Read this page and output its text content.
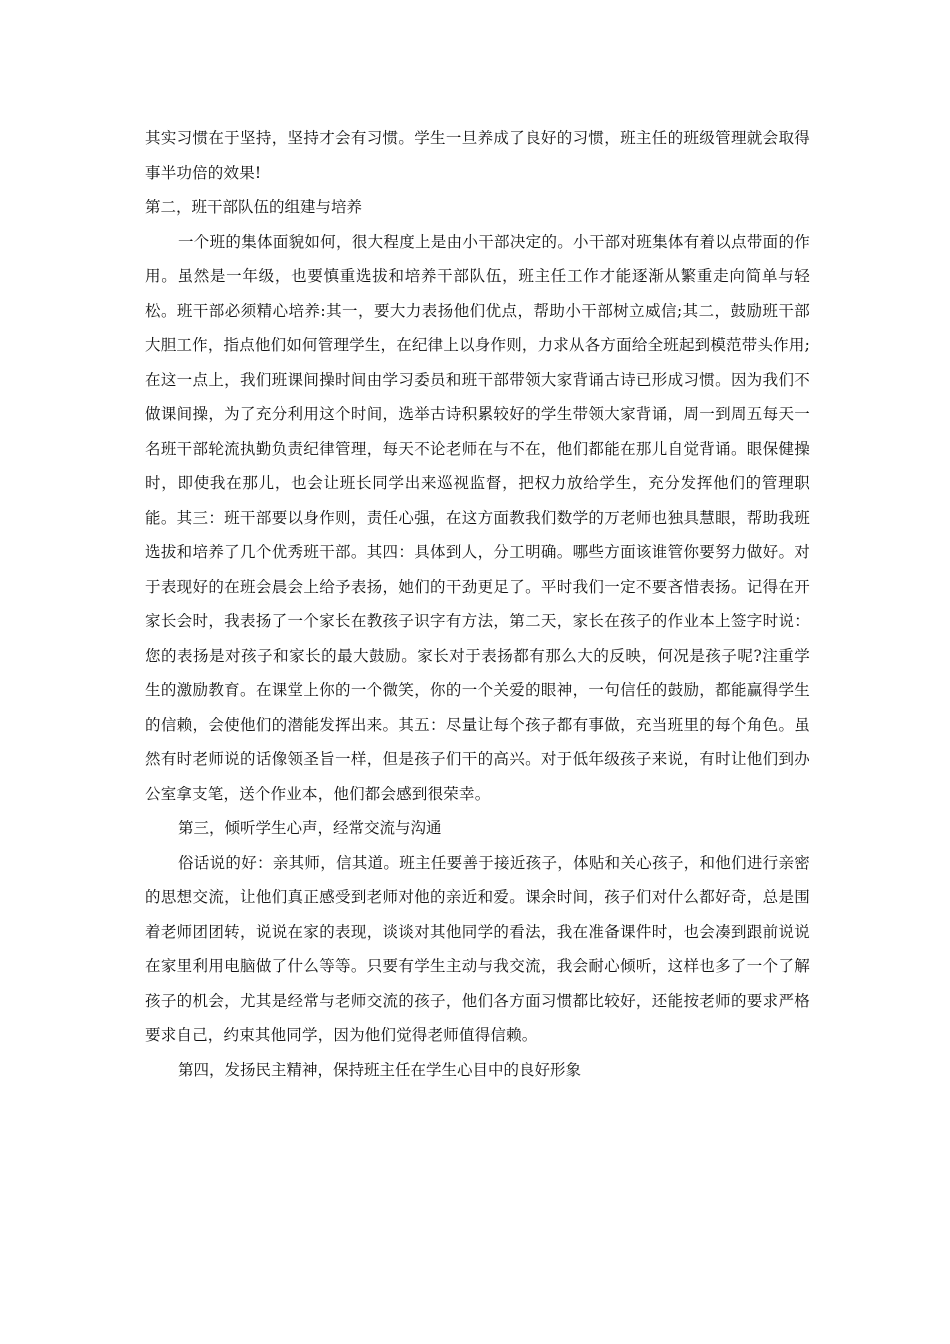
其实习惯在于坚持，坚持才会有习惯。学生一旦养成了良好的习惯，班主任的班级管理就会取得事半功倍的效果!

第二，班干部队伍的组建与培养

一个班的集体面貌如何，很大程度上是由小干部决定的。小干部对班集体有着以点带面的作用。虽然是一年级，也要慎重选拔和培养干部队伍，班主任工作才能逐渐从繁重走向简单与轻松。班干部必须精心培养:其一，要大力表扬他们优点，帮助小干部树立威信;其二，鼓励班干部大胆工作，指点他们如何管理学生，在纪律上以身作则，力求从各方面给全班起到模范带头作用;在这一点上，我们班课间操时间由学习委员和班干部带领大家背诵古诗已形成习惯。因为我们不做课间操，为了充分利用这个时间，选举古诗积累较好的学生带领大家背诵，周一到周五每天一名班干部轮流执勤负责纪律管理，每天不论老师在与不在，他们都能在那儿自觉背诵。眼保健操时，即使我在那儿，也会让班长同学出来巡视监督，把权力放给学生，充分发挥他们的管理职能。其三：班干部要以身作则，责任心强，在这方面教我们数学的万老师也独具慧眼，帮助我班选拔和培养了几个优秀班干部。其四：具体到人，分工明确。哪些方面该谁管你要努力做好。对于表现好的在班会晨会上给予表扬，她们的干劲更足了。平时我们一定不要吝惜表扬。记得在开家长会时，我表扬了一个家长在教孩子识字有方法，第二天，家长在孩子的作业本上签字时说：您的表扬是对孩子和家长的最大鼓励。家长对于表扬都有那么大的反映，何况是孩子呢?注重学生的激励教育。在课堂上你的一个微笑，你的一个关爱的眼神，一句信任的鼓励，都能赢得学生的信赖，会使他们的潜能发挥出来。其五：尽量让每个孩子都有事做，充当班里的每个角色。虽然有时老师说的话像领圣旨一样，但是孩子们干的高兴。对于低年级孩子来说，有时让他们到办公室拿支笔，送个作业本，他们都会感到很荣幸。

第三，倾听学生心声，经常交流与沟通

俗话说的好：亲其师，信其道。班主任要善于接近孩子，体贴和关心孩子，和他们进行亲密的思想交流，让他们真正感受到老师对他的亲近和爱。课余时间，孩子们对什么都好奇，总是围着老师团团转，说说在家的表现，谈谈对其他同学的看法，我在准备课件时，也会凑到跟前说说在家里利用电脑做了什么等等。只要有学生主动与我交流，我会耐心倾听，这样也多了一个了解孩子的机会，尤其是经常与老师交流的孩子，他们各方面习惯都比较好，还能按老师的要求严格要求自己，约束其他同学，因为他们觉得老师值得信赖。

第四，发扬民主精神，保持班主任在学生心目中的良好形象
